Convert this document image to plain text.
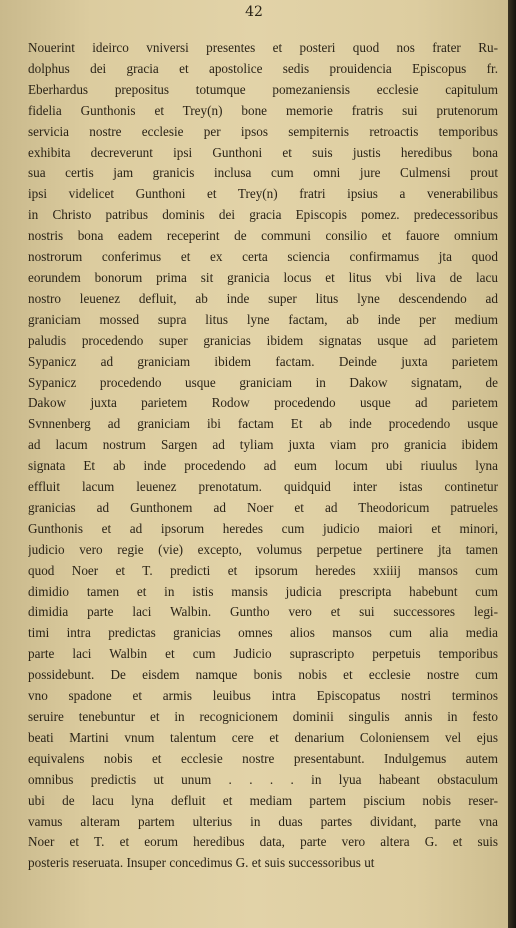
42
Nouerint ideirco vniversi presentes et posteri quod nos frater Ru-
dolphus dei gracia et apostolice sedis prouidencia Episcopus fr.
Eberhardus prepositus totumque pomezaniensis ecclesie capitulum
fidelia Gunthonis et Trey(n) bone memorie fratris sui prutenorum
servicia nostre ecclesie per ipsos sempiternis retroactis temporibus
exhibita decreverunt ipsi Gunthoni et suis justis heredibus bona
sua certis jam granicis inclusa cum omni jure Culmensi prout
ipsi videlicet Gunthoni et Trey(n) fratri ipsius a venerabilibus
in Christo patribus dominis dei gracia Episcopis pomez. predecessoribus
nostris bona eadem receperint de communi consilio et fauore omnium
nostrorum conferimus et ex certa sciencia confirmamus jta quod
eorundem bonorum prima sit granicia locus et litus vbi liva de lacu
nostro leuenez defluit, ab inde super litus lyne descendendo ad
graniciam mossed supra litus lyne factam, ab inde per medium
paludis procedendo super granicias ibidem signatas usque ad parietem
Sypanicz ad graniciam ibidem factam. Deinde juxta parietem
Sypanicz procedendo usque graniciam in Dakow signatam, de
Dakow juxta parietem Rodow procedendo usque ad parietem
Svnnenberg ad graniciam ibi factam Et ab inde procedendo usque
ad lacum nostrum Sargen ad tyliam juxta viam pro granicia ibidem
signata Et ab inde procedendo ad eum locum ubi riuulus lyna
effluit lacum leuenez prenotatum. quidquid inter istas continetur
granicias ad Gunthonem ad Noer et ad Theodoricum patrueles
Gunthonis et ad ipsorum heredes cum judicio maiori et minori,
judicio vero regie (vie) excepto, volumus perpetue pertinere jta tamen
quod Noer et T. predicti et ipsorum heredes xxiiij mansos cum
dimidio tamen et in istis mansis judicia prescripta habebunt cum
dimidia parte laci Walbin. Guntho vero et sui successores legi-
timi intra predictas granicias omnes alios mansos cum alia media
parte laci Walbin et cum Judicio suprascripto perpetuis temporibus
possidebunt. De eisdem namque bonis nobis et ecclesie nostre cum
vno spadone et armis leuibus intra Episcopatus nostri terminos
seruire tenebuntur et in recognicionem dominii singulis annis in festo
beati Martini vnum talentum cere et denarium Coloniensem vel ejus
equivalens nobis et ecclesie nostre presentabunt. Indulgemus autem
omnibus predictis ut unum . . . . in lyua habeant obstaculum
ubi de lacu lyna defluit et mediam partem piscium nobis reser-
vamus alteram partem ulterius in duas partes dividant, parte vna
Noer et T. et eorum heredibus data, parte vero altera G. et suis
posteris reseruata. Insuper concedimus G. et suis successoribus ut
